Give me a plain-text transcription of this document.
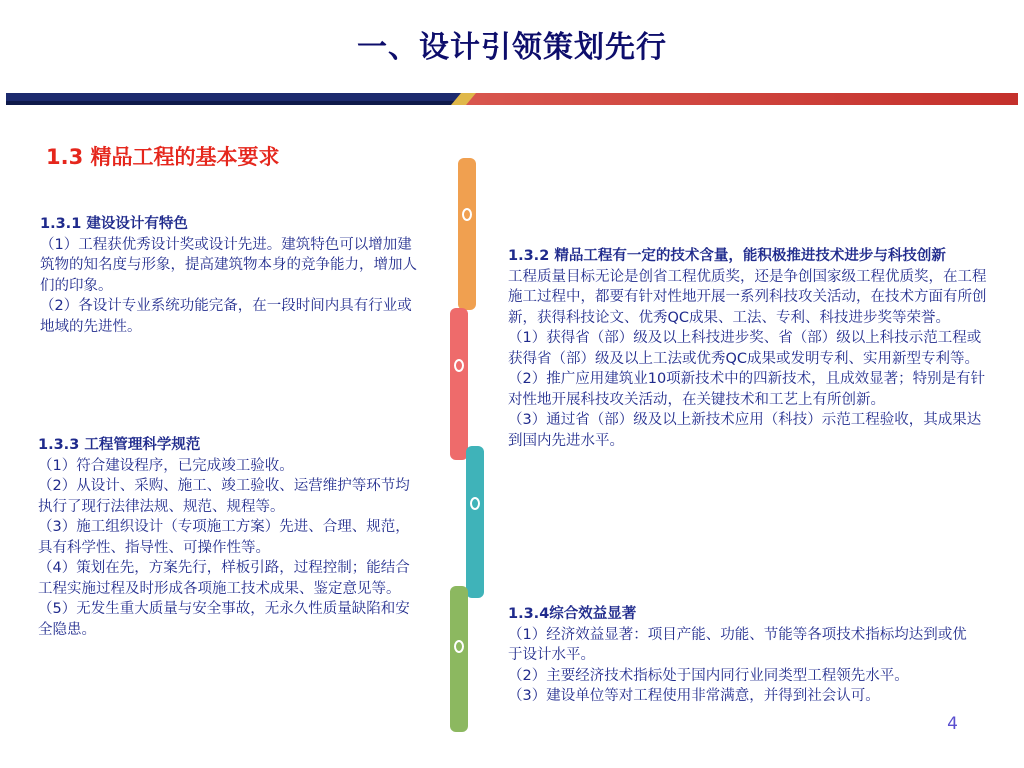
一、设计引领策划先行
1.3 精品工程的基本要求

1.3.1 建设设计有特色

（1）工程获优秀设计奖或设计先进。建筑特色可以增加建筑物的知名度与形象，提高建筑物本身的竞争能力，增加人们的印象。

（2）各设计专业系统功能完备，在一段时间内具有行业或地域的先进性。

1.3.3 工程管理科学规范

（1）符合建设程序，已完成竣工验收。

（2）从设计、采购、施工、竣工验收、运营维护等环节均执行了现行法律法规、规范、规程等。

（3）施工组织设计（专项施工方案）先进、合理、规范，具有科学性、指导性、可操作性等。

（4）策划在先，方案先行，样板引路，过程控制；能结合工程实施过程及时形成各项施工技术成果、鉴定意见等。

（5）无发生重大质量与安全事故，无永久性质量缺陷和安全隐患。

1.3.2 精品工程有一定的技术含量，能积极推进技术进步与科技创新

工程质量目标无论是创省工程优质奖，还是争创国家级工程优质奖，在工程施工过程中，都要有针对性地开展一系列科技攻关活动，在技术方面有所创新，获得科技论文、优秀QC成果、工法、专利、科技进步奖等荣誉。

（1）获得省（部）级及以上科技进步奖、省（部）级以上科技示范工程或获得省（部）级及以上工法或优秀QC成果或发明专利、实用新型专利等。

（2）推广应用建筑业10项新技术中的四新技术，且成效显著；特别是有针对性地开展科技攻关活动，在关键技术和工艺上有所创新。

（3）通过省（部）级及以上新技术应用（科技）示范工程验收，其成果达到国内先进水平。

1.3.4综合效益显著

（1）经济效益显著：项目产能、功能、节能等各项技术指标均达到或优于设计水平。

（2）主要经济技术指标处于国内同行业同类型工程领先水平。

（3）建设单位等对工程使用非常满意，并得到社会认可。

4
